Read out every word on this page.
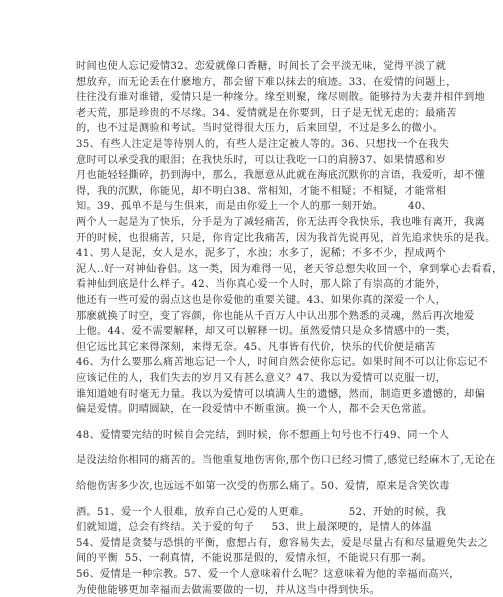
时间也使人忘记爱情 32、恋爱就像口香糖，时间长了会平淡无味，觉得平淡了就
想放弃，而无论丢在什麽地方，都会留下难以抹去的痕迹。 33、在爱情的问题上，
往往没有谁对谁错，爱情只是一种缘分。缘至则聚，缘尽则散。能够持为夫妻并相伴到地
老天荒，那是珍贵的不尽缘。 34、爱情就是在你要到，日子是无忧无虑的；最痛苦
的，也不过是测验和考试。当时觉得很大压力，后来回望，不过是多么的微小。
35、有些人注定是等待别人的，有些人是注定被人等的。 36、只想找一个在我失
意时可以承受我的眼泪；在我快乐时，可以让我吃一口的肩膀 37、如果情感和岁
月也能轻轻撕碎，扔到海中，那么，我愿意从此就在海底沉默你的言语，我爱听，却不懂
得，我的沉默，你能见，却不明白 38、常相知，才能不相疑；不相疑，才能常相
知。 39、孤单不是与生俱来，而是由你爱上一个人的那一刻开始。       40、
两个人一起是为了快乐，分手是为了减轻痛苦，你无法再令我快乐，我也唯有离开，我离
开的时候，也很痛苦，只是，你肯定比我痛苦，因为我首先说再见，首先追求快乐的是我。
41、男人是泥，女人是水，泥多了，水浊；水多了，泥稀；不多不少，捏成两个
泥人..好一对神仙眷侣。这一类，因为难得一见，老天爷总想失收回一个，拿到掌心去看看，
看神仙到底是什么样子。 42、当你真心爱一个人时，那人除了有崇高的才能外，
他还有一些可爱的弱点这也是你爱他的重要关键。 43、如果你真的深爱一个人，
那麽就换了时空，变了容颜，你也能从千百万人中认出那个熟悉的灵魂，然后再次地爱
上他。 44、爱不需要解释，却又可以解释一切。虽然爱情只是众多情感中的一类，
但它远比其它来得深刻，来得无奈。 45、凡事皆有代价，快乐的代价便是痛苦
46、为什么要那么痛苦地忘记一个人，时间自然会使你忘记。如果时间不可以让你忘记不
应该记住的人，我们失去的岁月又有甚么意义？ 47、我以为爱情可以克服一切，
谁知道她有时毫无力量。我以为爱情可以填满人生的遗憾，然而，制造更多遗憾的，却偏
偏是爱情。阴晴圆缺，在一段爱情中不断重演。换一个人，都不会天色常蓝。
48、爱情要完结的时候自会完结，到时候，你不想画上句号也不行 49、同一个人
是没法给你相同的痛苦的。当他重复地伤害你,那个伤口已经习惯了,感觉已经麻木了,无论在
给他伤害多少次,也远远不如第一次受的伤那么痛了。 50、爱情，原来是含笑饮毒
酒。 51、爱一个人很难，放弃自己心爱的人更难。           52、开始的时候，我
们就知道，总会有终结。关于爱的句子 53、世上最深哽的，是情人的体温
54、爱情是贪婪与恐惧的平衡，愈想占有，愈容易失去，爱是尽量占有和尽量避免失去之
间的平衡 55、一刹真情，不能说那是假的，爱情永恒，不能说只有那一刹。
56、爱情是一种宗教。 57、爱一个人意味着什么呢？这意味着为他的幸福而高兴，
为使他能够更加幸福而去做需要做的一切，并从这当中得到快乐。
